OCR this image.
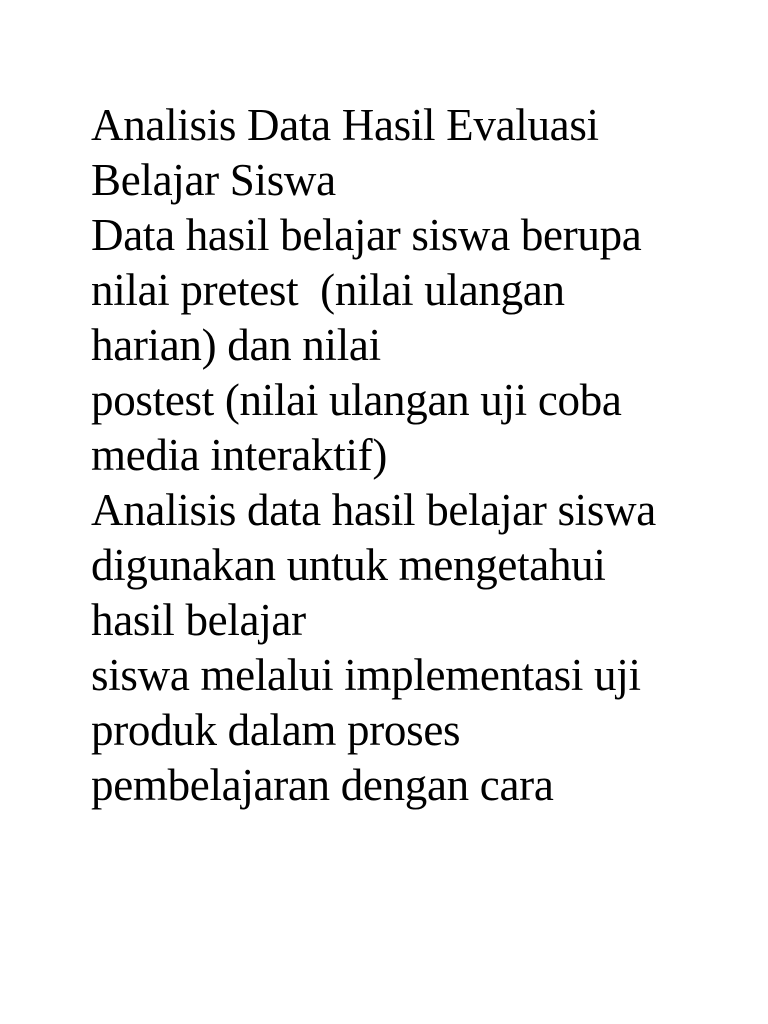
Analisis Data Hasil Evaluasi
Belajar Siswa
Data hasil belajar siswa berupa
nilai pretest  (nilai ulangan
harian) dan nilai
postest (nilai ulangan uji coba
media interaktif)
Analisis data hasil belajar siswa
digunakan untuk mengetahui
hasil belajar
siswa melalui implementasi uji
produk dalam proses
pembelajaran dengan cara
